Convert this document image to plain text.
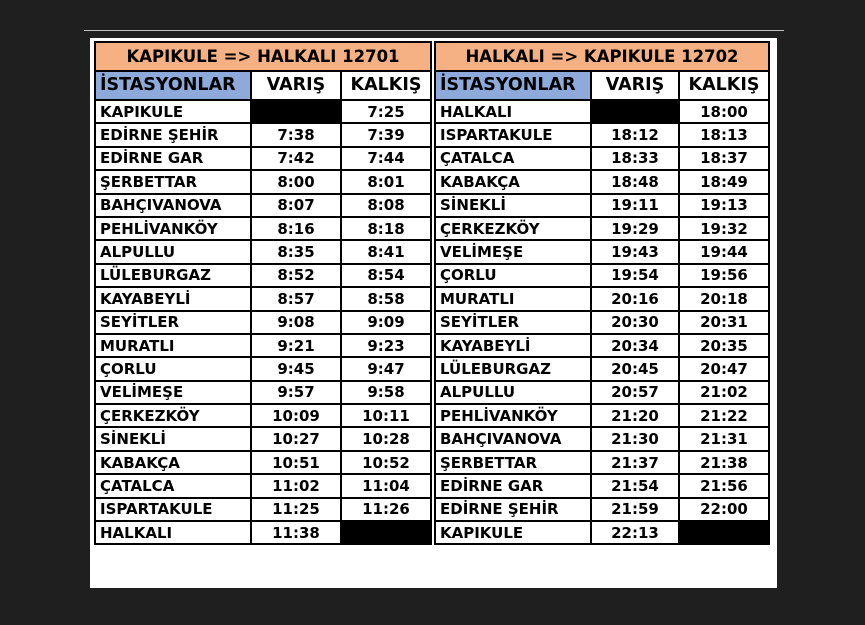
KAPIKULE => HALKALI 12701		
İSTASYONLAR	VARIŞ	KALKIŞ
KAPIKULE		7:25
EDİRNE ŞEHİR	7:38	7:39
EDİRNE GAR	7:42	7:44
ŞERBETTAR	8:00	8:01
BAHÇIVANOVA	8:07	8:08
PEHLİVANKÖY	8:16	8:18
ALPULLU	8:35	8:41
LÜLEBURGAZ	8:52	8:54
KAYABEYLİ	8:57	8:58
SEYİTLER	9:08	9:09
MURATLI	9:21	9:23
ÇORLU	9:45	9:47
VELİMEŞE	9:57	9:58
ÇERKEZKÖY	10:09	10:11
SİNEKLİ	10:27	10:28
KABAKÇA	10:51	10:52
ÇATALCA	11:02	11:04
ISPARTAKULE	11:25	11:26
HALKALI	11:38	
HALKALI => KAPIKULE 12702		
İSTASYONLAR	VARIŞ	KALKIŞ
HALKALI		18:00
ISPARTAKULE	18:12	18:13
ÇATALCA	18:33	18:37
KABAKÇA	18:48	18:49
SİNEKLİ	19:11	19:13
ÇERKEZKÖY	19:29	19:32
VELİMEŞE	19:43	19:44
ÇORLU	19:54	19:56
MURATLI	20:16	20:18
SEYİTLER	20:30	20:31
KAYABEYLİ	20:34	20:35
LÜLEBURGAZ	20:45	20:47
ALPULLU	20:57	21:02
PEHLİVANKÖY	21:20	21:22
BAHÇIVANOVA	21:30	21:31
ŞERBETTAR	21:37	21:38
EDİRNE GAR	21:54	21:56
EDİRNE ŞEHİR	21:59	22:00
KAPIKULE	22:13	
